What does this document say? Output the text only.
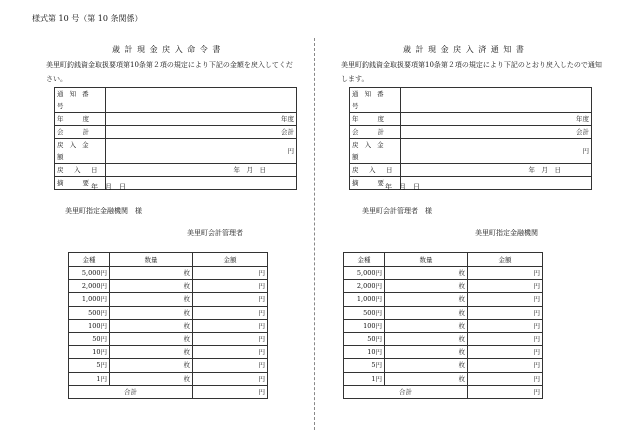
様式第 10 号（第 10 条関係）
歳 計 現 金 戻 入 命 令 書
美里町釣銭資金取扱要項第10条第２項の規定により下記の金額を戻入してください。
通 知 番 号	
年　　度	年度
会　　計	会計
戻 入 金 額	円
戻　入　日	年　月　日
摘　　要	年　月　日
美里町指定金融機関　様
美里町会計管理者
金種	数量	金額
5,000円	枚	円
2,000円	枚	円
1,000円	枚	円
500円	枚	円
100円	枚	円
50円	枚	円
10円	枚	円
5円	枚	円
1円	枚	円
合計		円
歳 計 現 金 戻 入 済 通 知 書
美里町釣銭資金取扱要項第10条第２項の規定により下記のとおり戻入したので通知します。
通 知 番 号	
年　　度	年度
会　　計	会計
戻 入 金 額	円
戻　入　日	年　月　日
摘　　要	年　月　日
美里町会計管理者　様
美里町指定金融機関
金種	数量	金額
5,000円	枚	円
2,000円	枚	円
1,000円	枚	円
500円	枚	円
100円	枚	円
50円	枚	円
10円	枚	円
5円	枚	円
1円	枚	円
合計		円
